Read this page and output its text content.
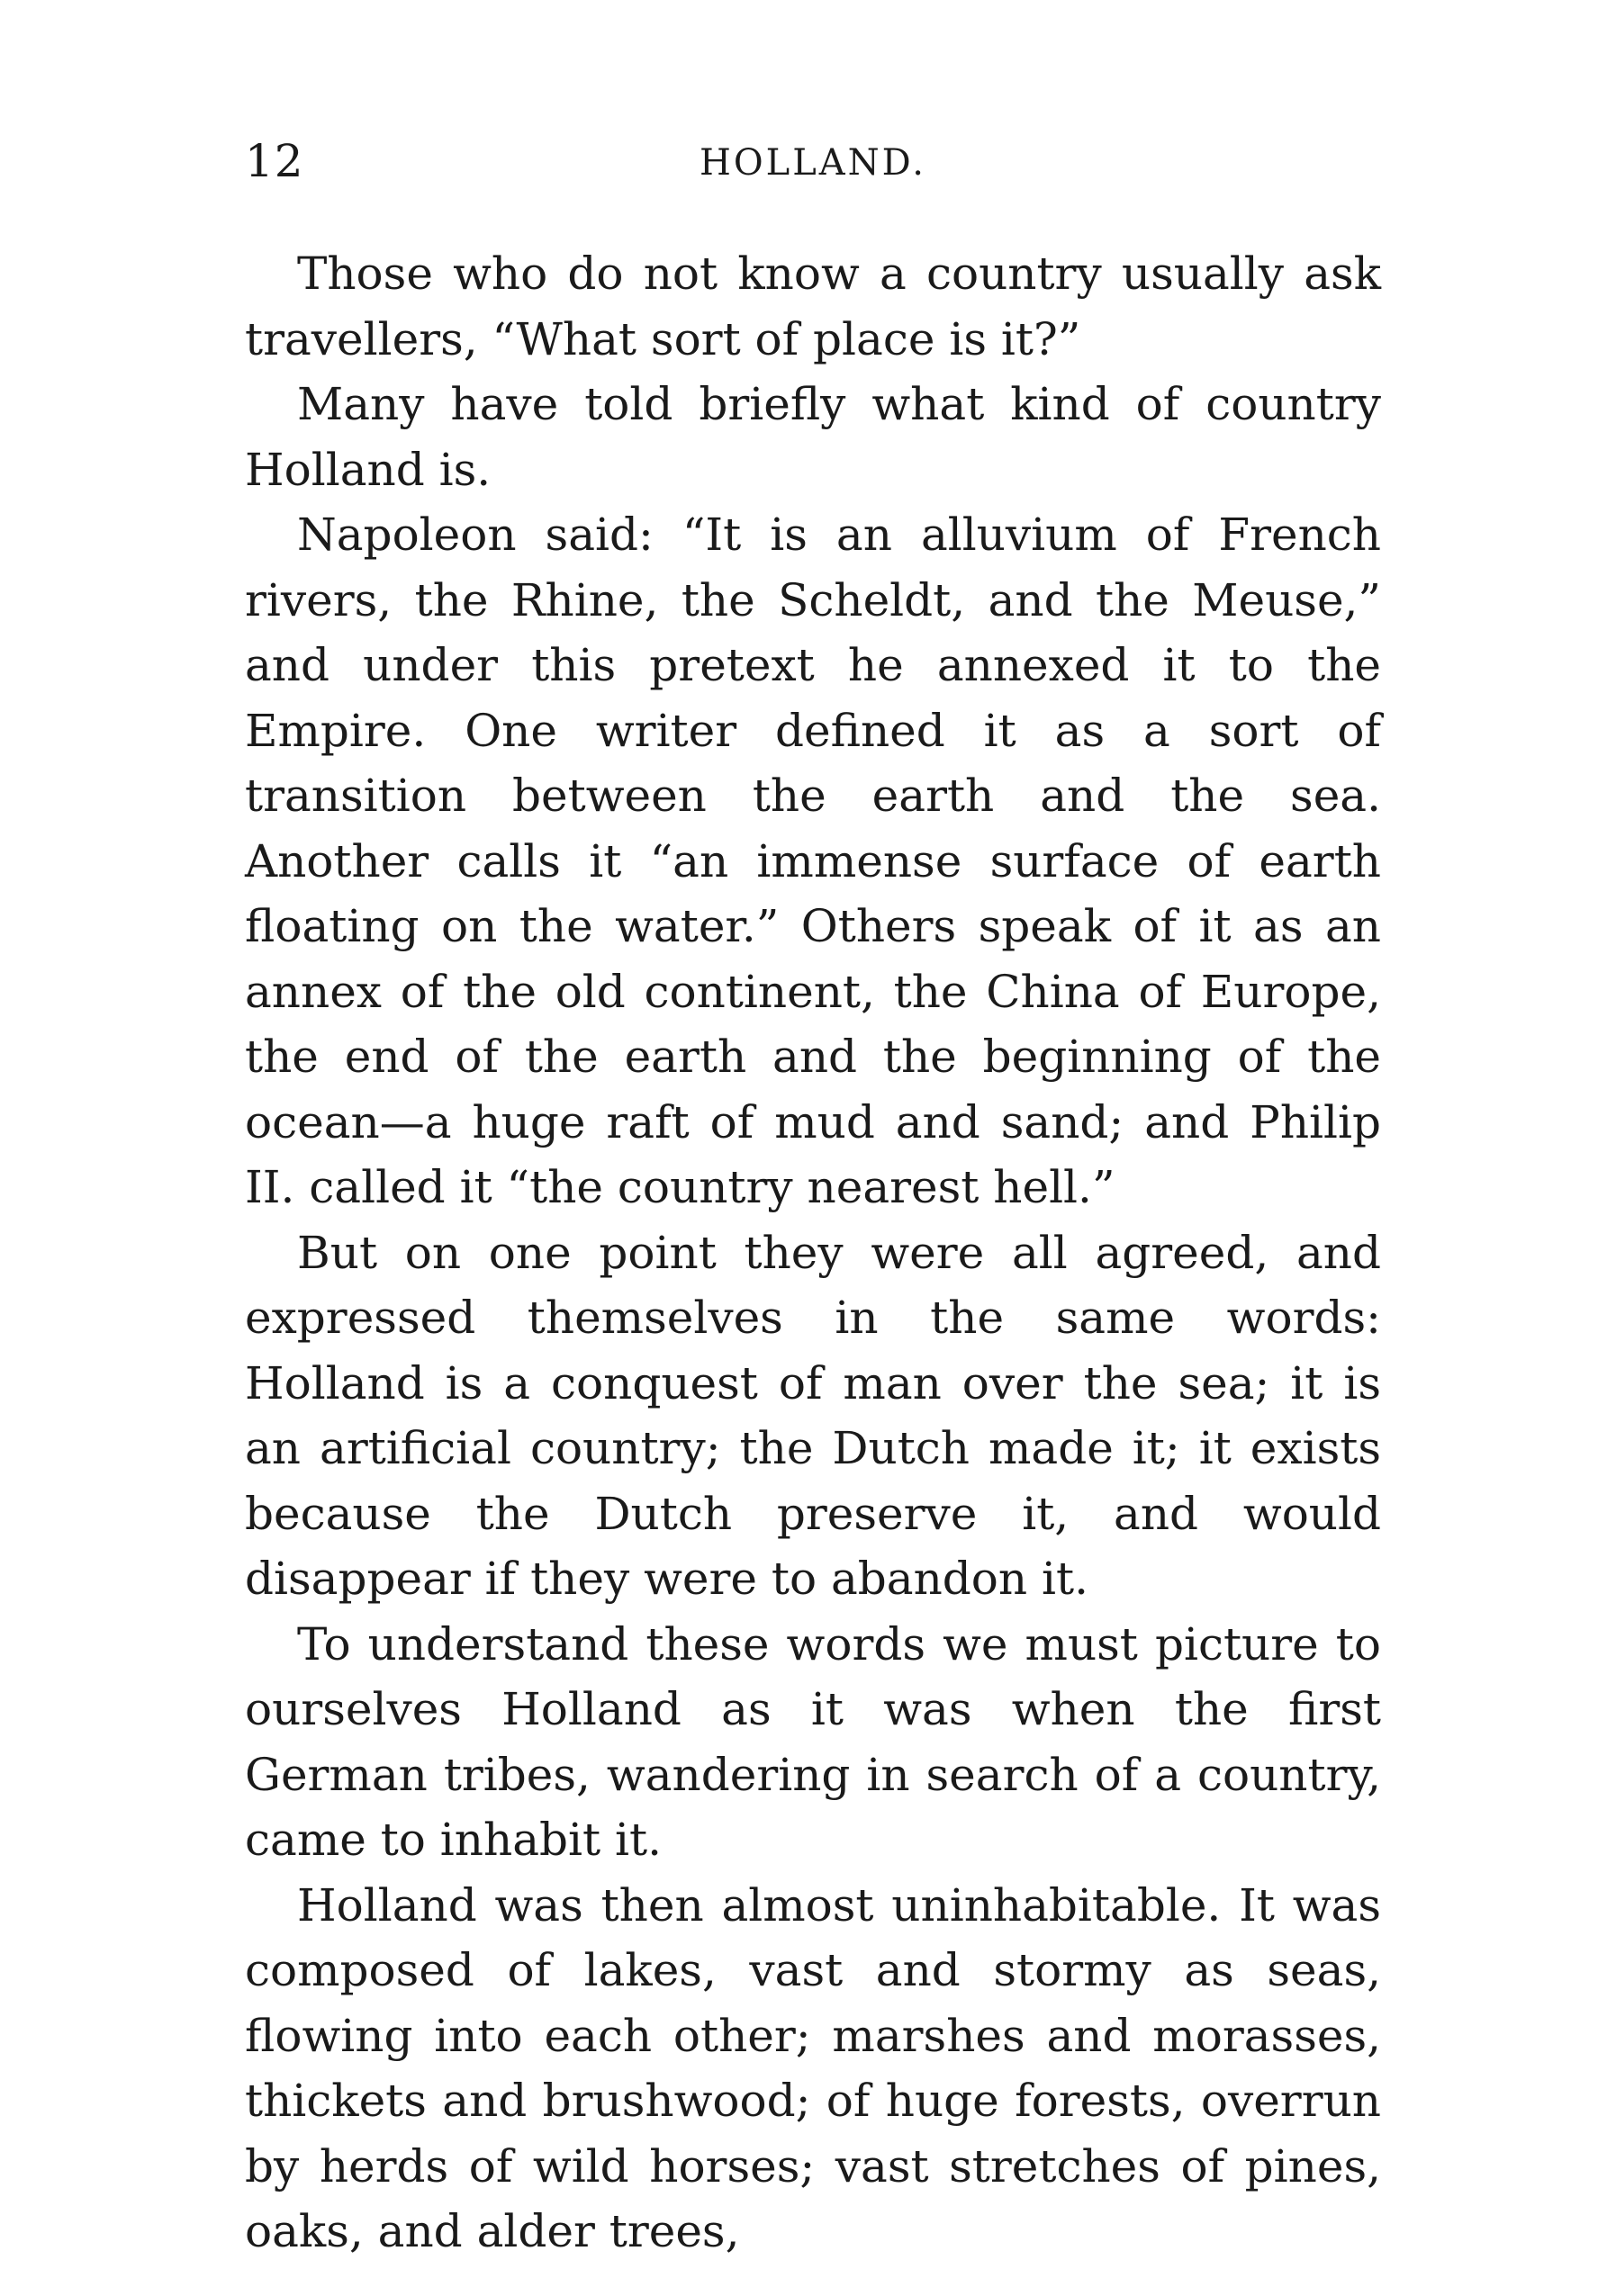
12	HOLLAND.

Those who do not know a country usually ask travellers, “What sort of place is it?”

Many have told briefly what kind of country Holland is.

Napoleon said: “It is an alluvium of French rivers, the Rhine, the Scheldt, and the Meuse,” and under this pretext he annexed it to the Empire. One writer defined it as a sort of transition between the earth and the sea. Another calls it “an immense surface of earth floating on the water.” Others speak of it as an annex of the old continent, the China of Europe, the end of the earth and the beginning of the ocean—a huge raft of mud and sand; and Philip II. called it “the country nearest hell.”

But on one point they were all agreed, and expressed themselves in the same words: Holland is a conquest of man over the sea; it is an artificial country; the Dutch made it; it exists because the Dutch preserve it, and would disappear if they were to abandon it.

To understand these words we must picture to ourselves Holland as it was when the first German tribes, wandering in search of a country, came to inhabit it.

Holland was then almost uninhabitable. It was composed of lakes, vast and stormy as seas, flowing into each other; marshes and morasses, thickets and brushwood; of huge forests, overrun by herds of wild horses; vast stretches of pines, oaks, and alder trees,
